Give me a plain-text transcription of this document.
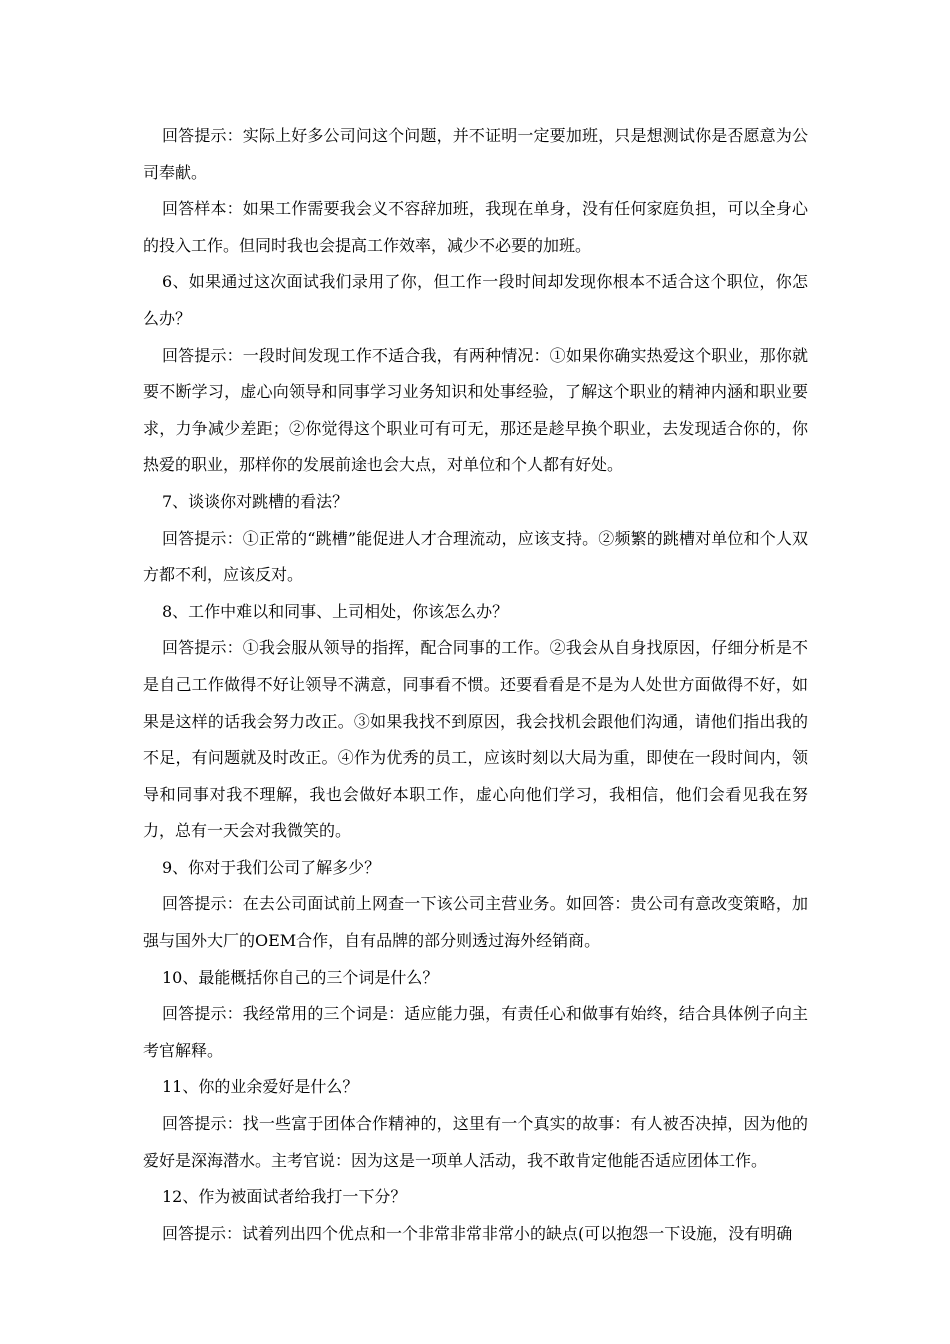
回答提示：实际上好多公司问这个问题，并不证明一定要加班，只是想测试你是否愿意为公司奉献。

回答样本：如果工作需要我会义不容辞加班，我现在单身，没有任何家庭负担，可以全身心的投入工作。但同时我也会提高工作效率，减少不必要的加班。

6、如果通过这次面试我们录用了你，但工作一段时间却发现你根本不适合这个职位，你怎么办？

回答提示：一段时间发现工作不适合我，有两种情况：①如果你确实热爱这个职业，那你就要不断学习，虚心向领导和同事学习业务知识和处事经验，了解这个职业的精神内涵和职业要求，力争减少差距；②你觉得这个职业可有可无，那还是趁早换个职业，去发现适合你的，你热爱的职业，那样你的发展前途也会大点，对单位和个人都有好处。

7、谈谈你对跳槽的看法？

回答提示：①正常的“跳槽”能促进人才合理流动，应该支持。②频繁的跳槽对单位和个人双方都不利，应该反对。

8、工作中难以和同事、上司相处，你该怎么办？

回答提示：①我会服从领导的指挥，配合同事的工作。②我会从自身找原因，仔细分析是不是自己工作做得不好让领导不满意，同事看不惯。还要看看是不是为人处世方面做得不好，如果是这样的话我会努力改正。③如果我找不到原因，我会找机会跟他们沟通，请他们指出我的不足，有问题就及时改正。④作为优秀的员工，应该时刻以大局为重，即使在一段时间内，领导和同事对我不理解，我也会做好本职工作，虚心向他们学习，我相信，他们会看见我在努力，总有一天会对我微笑的。

9、你对于我们公司了解多少？

回答提示：在去公司面试前上网查一下该公司主营业务。如回答：贵公司有意改变策略，加强与国外大厂的OEM合作，自有品牌的部分则透过海外经销商。

10、最能概括你自己的三个词是什么？

回答提示：我经常用的三个词是：适应能力强，有责任心和做事有始终，结合具体例子向主考官解释。

11、你的业余爱好是什么？

回答提示：找一些富于团体合作精神的，这里有一个真实的故事：有人被否决掉，因为他的爱好是深海潜水。主考官说：因为这是一项单人活动，我不敢肯定他能否适应团体工作。

12、作为被面试者给我打一下分？

回答提示：试着列出四个优点和一个非常非常非常小的缺点(可以抱怨一下设施，没有明确
